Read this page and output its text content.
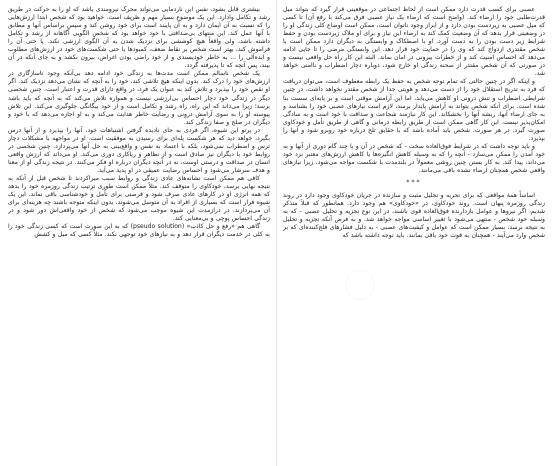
بیشتری قابل بشود، نفس این ناردمایی می‌تواند محرک نیرومندی باشد که او را به حرکت در طریق رشد و تکامل وادارد. این یک موضوع بسیار مهم و ظریف است. خواهید بود که شخص ابتدا ارزش‌هایی را که نسبت به آن ایمان دارد و به آن پایبند است برای خود روشن کند و سپس براساس آنها و مطابق با آنها عمل کند. این منتهای بی‌صداقتی با خود خواهد بود که شخص الگویی آگاهانه از رشد و تکامل داشته باشد، ولی واقعاً هیچ کوششی برای نزدیک شدن به آن الگوی ارزشی نکند. پا حتی آن را فراموش کند، بهتر است شخص بر نقاط ضعف، کمبودها یا حتی شکست‌های خود در ارزش‌های مطلوب و ایده‌آلی را ... به خاطر خودپسندی و از خود راضی بودن اغراض، بیرون بکشد و به جای آنکه در آن بیند، پس آنچه که تا پذیرفته گردد.

یک شخص ناسالم ممکن است مدت‌ها به زندگی خود ادامه دهد بی‌آنکه وجود ناسازگاری در ارزش‌های خود را درک کند. بدون اینکه هیچ تلاشی کند، خود را به آنچه که نشان می‌دهد نزدیک کند. اگر او نقص خود را بپذیرد و تلاش کند به عنوان یک فرد، در واقع دارای قدرت و اعتبار است. چنین شخصی دیگر در زندگی خود دچار احساس بی‌ارزشی نیست و همواره تلاش می‌کند که به آنچه که باید باشد برسد؛ زیرا می‌داند که این راه، راه رشد و تکامل است و از خود بیگانگی جلوگیری می‌کند. این تلاش پیوسته او را به سوی آرامش درونی و رضایت خاطر هدایت می‌کند و به او اجازه می‌دهد که با خود و دیگران در صلح و صفا زندگی کند.

در پرتو این شیوه، اگر فردی به جای نادیده گرفتن اشتباهات خود، آنها را بپذیرد و از آنها درس بگیرد، خواهد دید که هر شکست پله‌ای برای رسیدن به موفقیت است. او در مواجهه با مشکلات دچار ترس و اضطراب نمی‌شود، بلکه با اعتماد به نفس و واقع‌بینی به حل آنها می‌پردازد. چنین شخصی در روابط خود با دیگران نیز صادق است و از تظاهر و ریاکاری دوری می‌کند. او می‌داند که ارزش واقعی انسان در صداقت و درستی اوست، نه در آنچه دیگران درباره او فکر می‌کنند. در نتیجه زندگی او از معنا و هدف سرشار می‌شود و احساس رضایت عمیقی در او پدید می‌آید.

کافی هم ممکن است نشانه‌های عادی زندگی و روابط سبب میراکردند تا شخص قبل از آنکه به نتیجه نهایی برسد، خودکاوی را متوقف کند. مثلاً ممکن است طوری ترتیب زندگی روزمره خود را بدهد که همه انرژی او در کارهای عادی صرف شود و فرصتی برای تأمل و خودشناسی باقی نماند. این یک شیوه فرار است که بسیاری از افراد به آن متوسل می‌شوند، بدون اینکه متوجه باشند چه هزینه‌ای برای آن می‌پردازند. در درازمدت این شیوه موجب می‌شود که شخص از خود واقعی‌اش دور شود و در زندگی احساس پوچی و بی‌معنایی کند.

گاهی هم «رفع و حل کاذب» (pseudo solution) که به این صورت است که کسی زندگی خود را به کلی در خدمت دیگران قرار دهد و به نیازهای خود توجهی نکند. مثلاً کسی که میل و کشش

عصبی برای کسب قدرت دارد ممکن است از لحاظ اجتماعی در موقعیتی قرار گیرد که بتواند میل قدرت‌طلبی خود را ارضاء کند. (واضح است که ارضاء یک نیاز عصبی فرق می‌کند با رفع آن) تا کسی که میل عصبی به زیردست بودن دارد و از ابراز وجود ناتوان است، ممکن است اوضاع کلی زندگی او را در وضعیتی قرار بدهد که آن وضعیت کمک کند به ارضاء این نیاز و برای او ملاک زیردست بودن و حفظ شرایط زیر دست بودن را به دست آورد. او با اصطکاک و وابستگی به دیگران دارد ممکن است با شخص مقتدری ازدواج کند که وی را در حمایت خود قرار دهد. این وابستگی مرضی را تا جایی ادامه می‌دهد که احساس امنیت کند و از خطرات بیرونی در امان بماند. البته این کار راه حل واقعی نیست و در صورتی که آن شخص مقتدر از صحنه زندگی او خارج شود، دوباره دچار اضطراب و ناامنی خواهد شد.

و اینکه اگر در چنین حالتی که تمام توجه شخص به حفظ یک رابطه معطوف است، می‌توان دریافت که فرد به تدریج استقلال خود را از دست می‌دهد و هویتی جدا از شخص مقتدر نخواهد داشت. در چنین شرایطی اضطراب و تنش درونی او کاهش می‌یابد، اما این آرامش موقتی است و بر پایه‌ای سست بنا شده است. برای آنکه شخص بتواند به آرامش پایدار برسد، لازم است نیازهای عصبی خود را بشناسد و به جای ارضاء آنها، ریشه آنها را بخشکاند. این کار نیازمند شجاعت و صداقت با خود است و به سادگی امکان‌پذیر نیست. این کار گاهی ممکن است از طریق رابطه درمانی و گاهی از طریق تأمل و خودکاوی صورت گیرد. در هر صورت، شخص باید آماده باشد که با حقایق تلخ درباره خود روبرو شود و آنها را بپذیرد.

و باید توجه داشت که در شرایط فوق‌العاده سخت - که شخص در آن و با چند گام دوری از آنها و به خود آمدن را ممکن می‌سازد - آنچه را که به وسیله کاهش انگیزه‌ها یا کاهش ارزش‌های معتبر نزد خود می‌داند، پیدا کند. به کار بستن چنین روشی معمولاً در بلندمدت با شکست مواجه می‌شود، زیرا نیازهای واقعی شخص همچنان ارضاء نشده باقی می‌مانند.

***

اساساً همهٔ مواقعی که برای تجربه و تحلیل مثبت و سازنده در جریان خودکاوی وجود دارد در روند زندگی روزمره پنهان است. روند خودکاوی، در «خودکاوی» هم وجود دارد. همانطور که قبلاً متذکر شدیم، اگر نیروها و عوامل بازدارنده فوق‌العاده قوی باشند، در این نوع تجزیه و تحلیل عصبی - که به وسیله خود شخص - منتهی می‌شود با تغییر اساسی مواجه خواهد شد. و به فرض آنکه تجزیه و تحلیل به نتیجه برسد، بسیار ممکن است که عوامل و کیفیت‌های عصبی - به دلیل فشارهای فلج‌کننده‌ای که بر شخص وارد می‌آیند - همچنان به قوت خود باقی بمانند. باید توجه داشته باشد که
